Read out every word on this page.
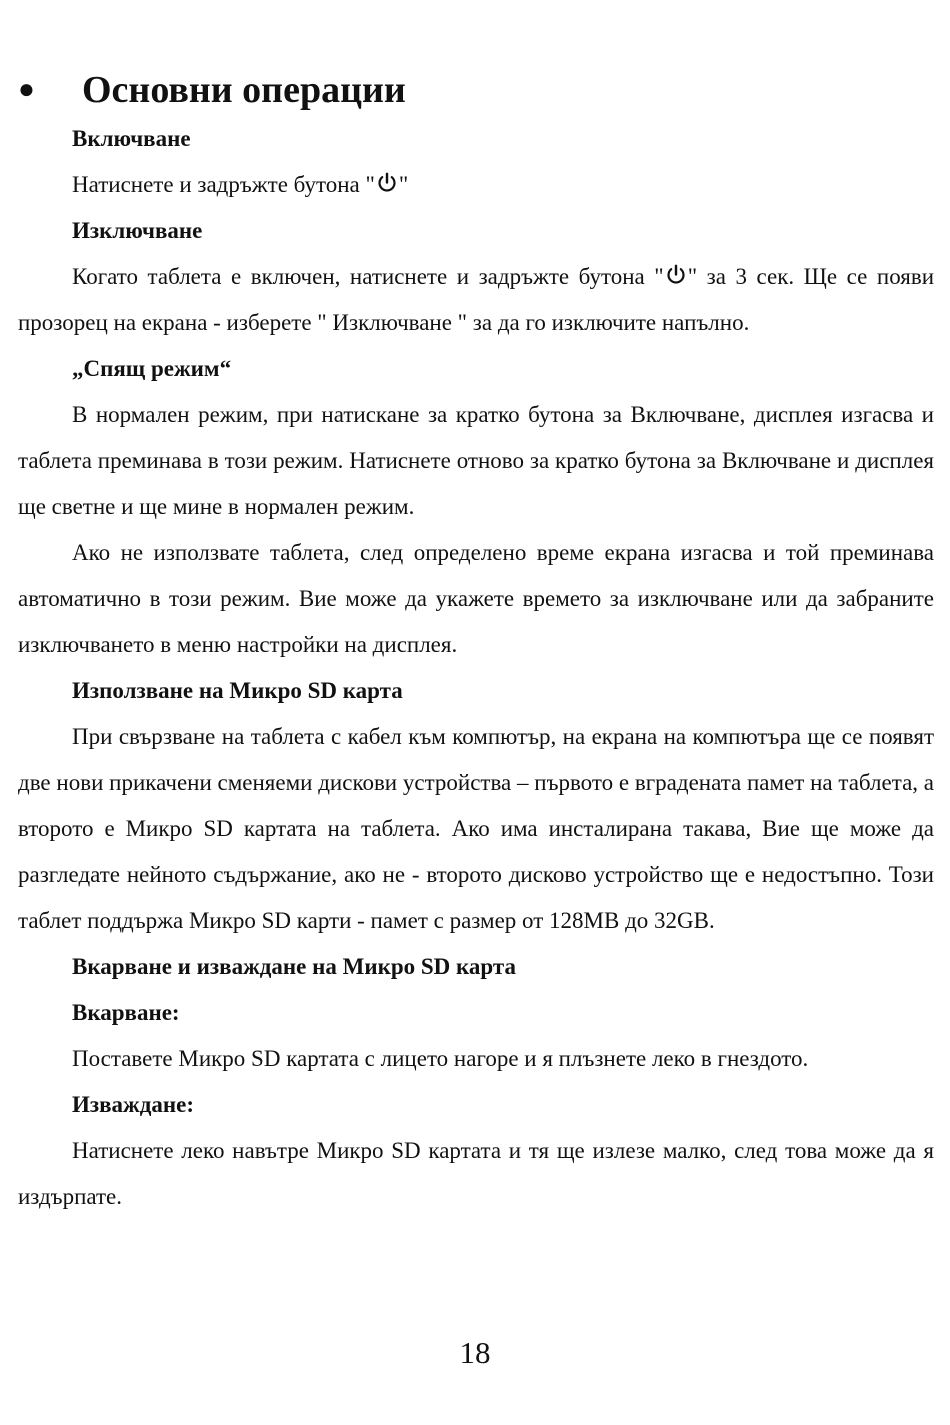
●	Основни операции

Включване

Натиснете и задръжте бутона " "

Изключване

Когато таблета е включен, натиснете и задръжте бутона " " за 3 сек. Ще се появи прозорец на екрана - изберете " Изключване " за да го изключите напълно.

„Спящ режим“

В нормален режим, при натискане за кратко бутона за Включване, дисплея изгасва и таблета преминава в този режим. Натиснете отново за кратко бутона за Включване и дисплея ще светне и ще мине в нормален режим.

Ако не използвате таблета, след определено време екрана изгасва и той преминава автоматично в този режим. Вие може да укажете времето за изключване или да забраните изключването в меню настройки на дисплея.

Използване на Микро SD карта

При свързване на таблета с кабел към компютър, на екрана на компютъра ще се появят две нови прикачени сменяеми дискови устройства – първото е вградената памет на таблета, а второто е Микро SD картата на таблета. Ако има инсталирана такава, Вие ще може да разгледате нейното съдържание, ако не - второто дисково устройство ще е недостъпно. Този таблет поддържа Микро SD карти - памет с размер от 128MB до 32GB.

Вкарване и изваждане на Микро SD карта

Вкарване:

Поставете Микро SD картата с лицето нагоре и я плъзнете леко в гнездото.

Изваждане:

Натиснете леко навътре Микро SD картата и тя ще излезе малко, след това може да я издърпате.

18
